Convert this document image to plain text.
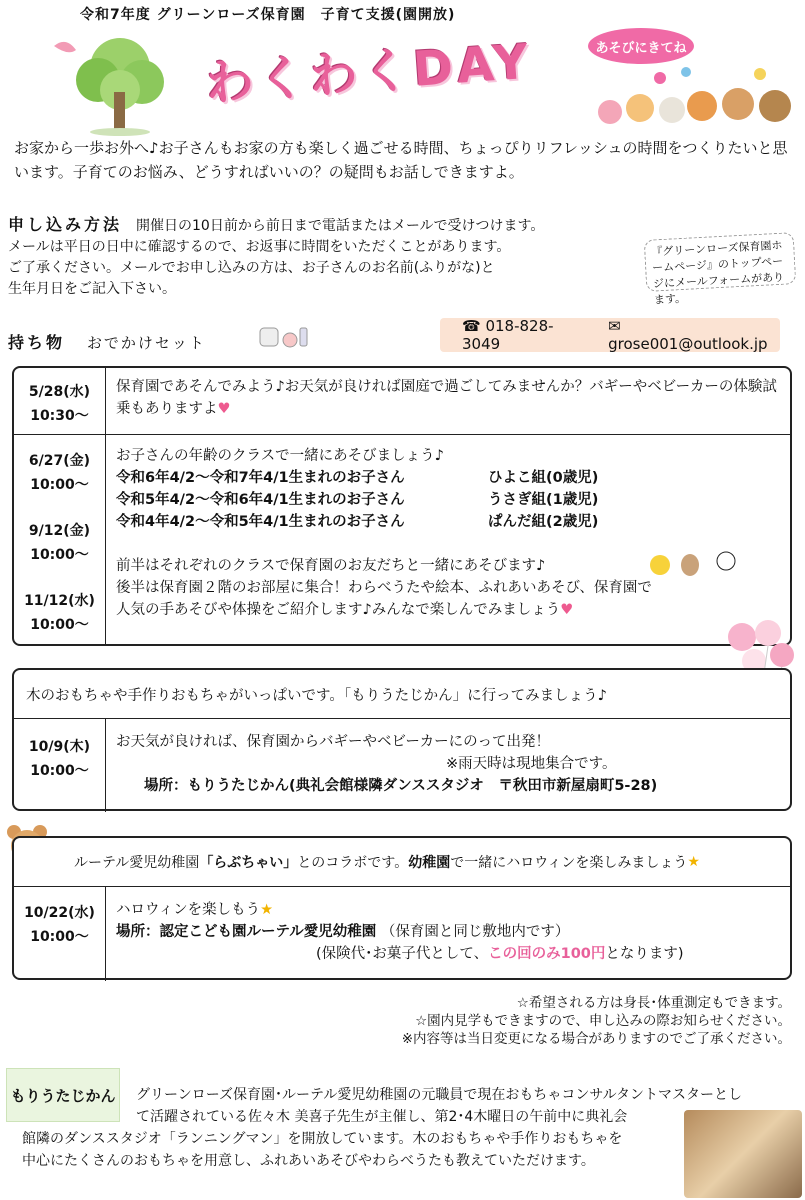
令和7年度 グリーンローズ保育園　子育て支援(園開放)
わくわくDAY	あそびにきてね
お家から一歩お外へ♪お子さんもお家の方も楽しく過ごせる時間、ちょっぴりリフレッシュの時間をつくりたいと思います。子育てのお悩み、どうすればいいの？の疑問もお話しできますよ。
申し込み方法 開催日の10日前から前日まで電話またはメールで受けつけます。
メールは平日の日中に確認するので、お返事に時間をいただくことがあります。
ご了承ください。メールでお申し込みの方は、お子さんのお名前(ふりがな)と
生年月日をご記入下さい。
『グリーンローズ保育園ホームページ』のトップページにメールフォームがあります。
持ち物 おでかけセット
☎ 018-828-3049
✉ grose001@outlook.jp
5/28(水)
10:30〜
保育園であそんでみよう♪お天気が良ければ園庭で過ごしてみませんか？バギーやベビーカーの体験試乗もありますよ♥
6/27(金)
10:00〜
9/12(金)
10:00〜
11/12(水)
10:00〜
お子さんの年齢のクラスで一緒にあそびましょう♪
令和6年4/2〜令和7年4/1生まれのお子さん	ひよこ組(0歳児)
令和5年4/2〜令和6年4/1生まれのお子さん	うさぎ組(1歳児)
令和4年4/2〜令和5年4/1生まれのお子さん	ぱんだ組(2歳児)
前半はそれぞれのクラスで保育園のお友だちと一緒にあそびます♪
後半は保育園２階のお部屋に集合！わらべうたや絵本、ふれあいあそび、保育園で
人気の手あそびや体操をご紹介します♪みんなで楽しんでみましょう♥
木のおもちゃや手作りおもちゃがいっぱいです。「もりうたじかん」に行ってみましょう♪
10/9(木)
10:00〜
お天気が良ければ、保育園からバギーやベビーカーにのって出発！
※雨天時は現地集合です。
場所：もりうたじかん(典礼会館様隣ダンススタジオ　〒秋田市新屋扇町5-28)
ルーテル愛児幼稚園 「らぶちゃい」 とのコラボです。 幼稚園 で一緒にハロウィンを楽しみましょう ★
10/22(水)
10:00〜
ハロウィンを楽しもう★
場所：認定こども園ルーテル愛児幼稚園 （保育園と同じ敷地内です）
(保険代･お菓子代として、この回のみ100円となります)
☆希望される方は身長･体重測定もできます。
☆園内見学もできますので、申し込みの際お知らせください。
※内容等は当日変更になる場合がありますのでご了承ください。
もりうたじかん	グリーンローズ保育園･ルーテル愛児幼稚園の元職員で現在おもちゃコンサルタントマスターとし
て活躍されている佐々木 美喜子先生が主催し、第2･4木曜日の午前中に典礼会
館隣のダンススタジオ「ランニングマン」を開放しています。木のおもちゃや手作りおもちゃを
中心にたくさんのおもちゃを用意し、ふれあいあそびやわらべうたも教えていただけます。
